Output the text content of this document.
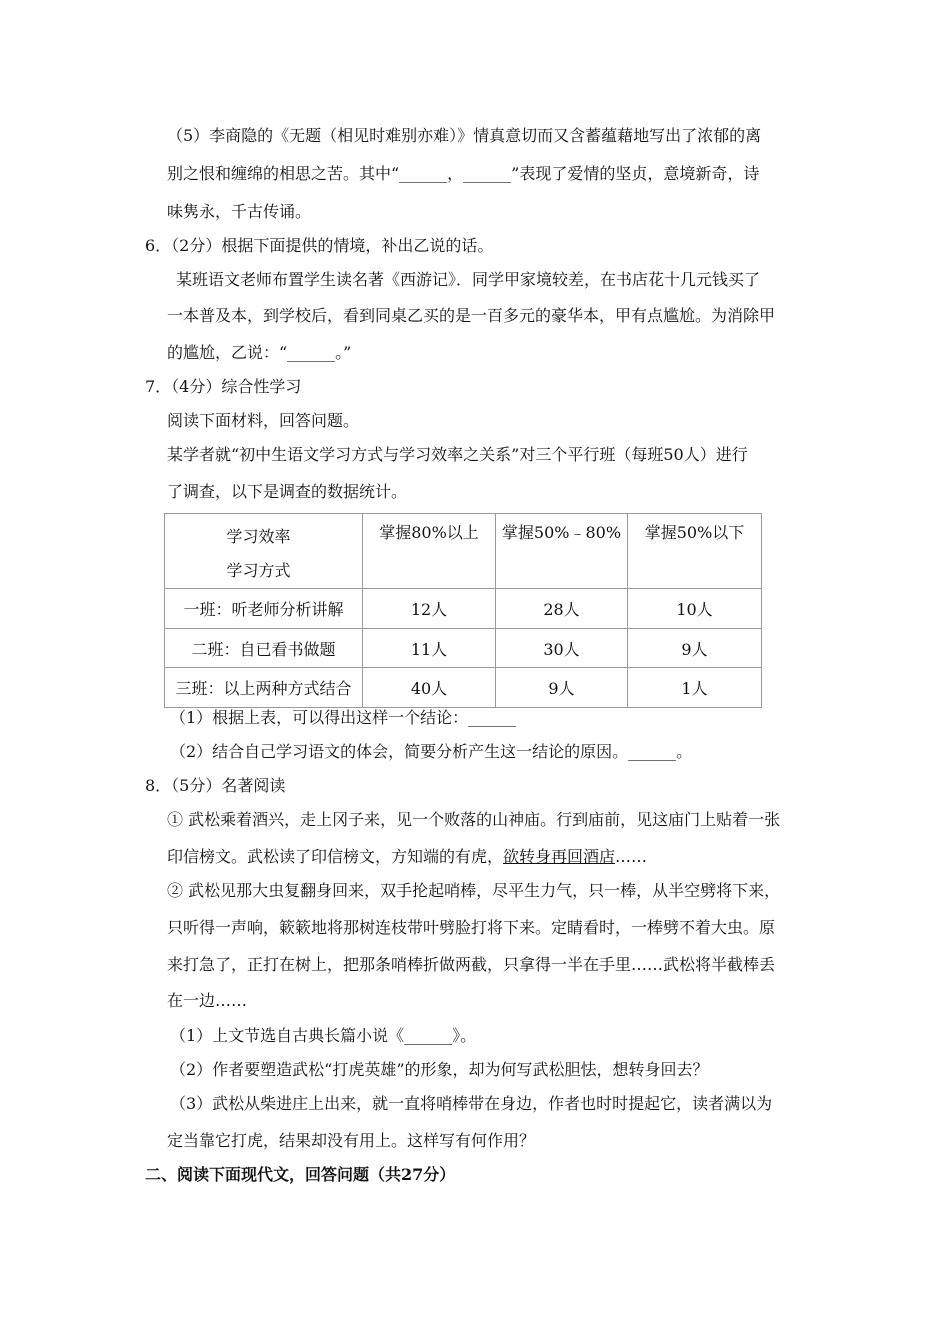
（5）李商隐的《无题（相见时难别亦难）》情真意切而又含蓄蕴藉地写出了浓郁的离
别之恨和缠绵的相思之苦。其中“______，______”表现了爱情的坚贞，意境新奇，诗
味隽永，千古传诵。
6．（2分）根据下面提供的情境，补出乙说的话。
某班语文老师布置学生读名著《西游记》．同学甲家境较差，在书店花十几元钱买了
一本普及本，到学校后，看到同桌乙买的是一百多元的豪华本，甲有点尴尬。为消除甲
的尴尬，乙说：“______。”
7．（4分）综合性学习
阅读下面材料，回答问题。
某学者就“初中生语文学习方式与学习效率之关系”对三个平行班（每班50人）进行
了调查，以下是调查的数据统计。
学习效率
学习方式	掌握80%以上	掌握50%﹣80%	掌握50%以下
一班：听老师分析讲解	12人	28人	10人
二班：自已看书做题	11人	30人	9人
三班：以上两种方式结合	40人	9人	1人
（1）根据上表，可以得出这样一个结论：______
（2）结合自己学习语文的体会，简要分析产生这一结论的原因。______。
8．（5分）名著阅读
① 武松乘着酒兴，走上冈子来，见一个败落的山神庙。行到庙前，见这庙门上贴着一张
印信榜文。武松读了印信榜文，方知端的有虎，欲转身再回酒店……
② 武松见那大虫复翻身回来，双手抡起哨棒，尽平生力气，只一棒，从半空劈将下来，
只听得一声响，簌簌地将那树连枝带叶劈脸打将下来。定睛看时，一棒劈不着大虫。原
来打急了，正打在树上，把那条哨棒折做两截，只拿得一半在手里……武松将半截棒丢
在一边……
（1）上文节选自古典长篇小说《______》。
（2）作者要塑造武松“打虎英雄”的形象，却为何写武松胆怯，想转身回去？
（3）武松从柴进庄上出来，就一直将哨棒带在身边，作者也时时提起它，读者满以为
定当靠它打虎，结果却没有用上。这样写有何作用？
二、阅读下面现代文，回答问题（共27分）
